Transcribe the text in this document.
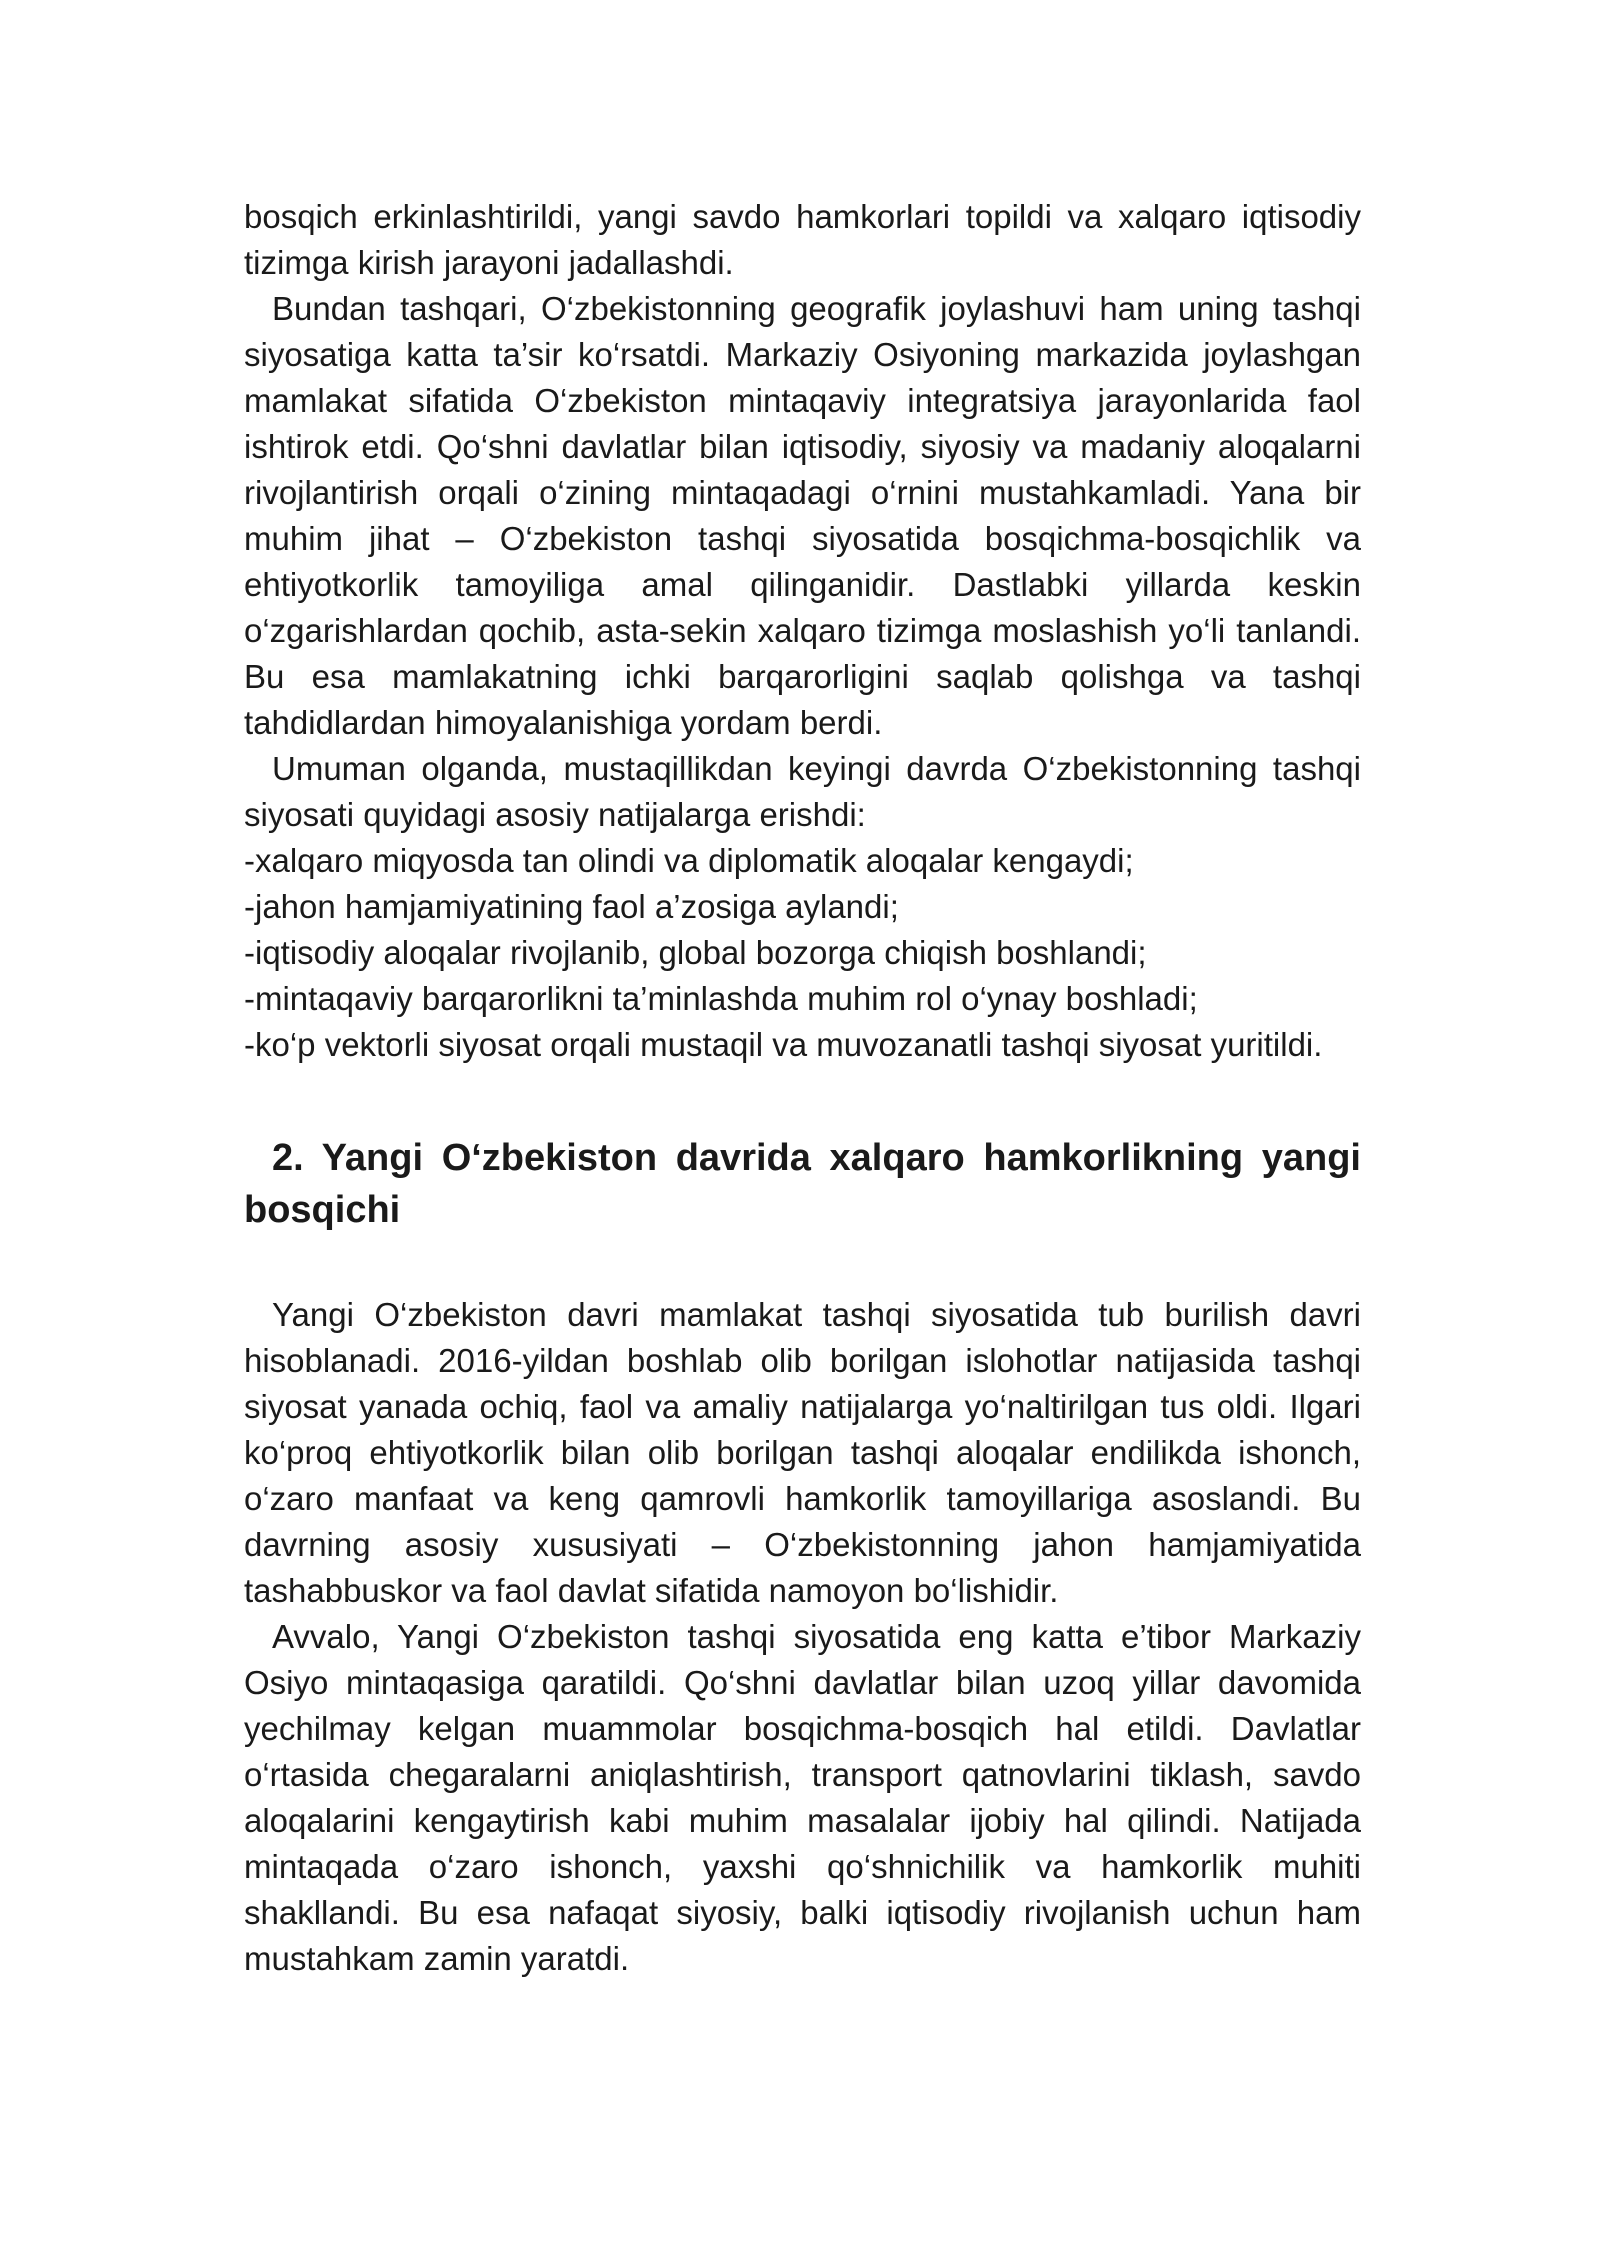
bosqich erkinlashtirildi, yangi savdo hamkorlari topildi va xalqaro iqtisodiy tizimga kirish jarayoni jadallashdi.

Bundan tashqari, O‘zbekistonning geografik joylashuvi ham uning tashqi siyosatiga katta ta’sir ko‘rsatdi. Markaziy Osiyoning markazida joylashgan mamlakat sifatida O‘zbekiston mintaqaviy integratsiya jarayonlarida faol ishtirok etdi. Qo‘shni davlatlar bilan iqtisodiy, siyosiy va madaniy aloqalarni rivojlantirish orqali o‘zining mintaqadagi o‘rnini mustahkamladi. Yana bir muhim jihat – O‘zbekiston tashqi siyosatida bosqichma-bosqichlik va ehtiyotkorlik tamoyiliga amal qilinganidir. Dastlabki yillarda keskin o‘zgarishlardan qochib, asta-sekin xalqaro tizimga moslashish yo‘li tanlandi. Bu esa mamlakatning ichki barqarorligini saqlab qolishga va tashqi tahdidlardan himoyalanishiga yordam berdi.

Umuman olganda, mustaqillikdan keyingi davrda O‘zbekistonning tashqi siyosati quyidagi asosiy natijalarga erishdi:

-xalqaro miqyosda tan olindi va diplomatik aloqalar kengaydi;
-jahon hamjamiyatining faol a’zosiga aylandi;
-iqtisodiy aloqalar rivojlanib, global bozorga chiqish boshlandi;
-mintaqaviy barqarorlikni ta’minlashda muhim rol o‘ynay boshladi;
-ko‘p vektorli siyosat orqali mustaqil va muvozanatli tashqi siyosat yuritildi.
2. Yangi O‘zbekiston davrida xalqaro hamkorlikning yangi bosqichi

Yangi O‘zbekiston davri mamlakat tashqi siyosatida tub burilish davri hisoblanadi. 2016-yildan boshlab olib borilgan islohotlar natijasida tashqi siyosat yanada ochiq, faol va amaliy natijalarga yo‘naltirilgan tus oldi. Ilgari ko‘proq ehtiyotkorlik bilan olib borilgan tashqi aloqalar endilikda ishonch, o‘zaro manfaat va keng qamrovli hamkorlik tamoyillariga asoslandi. Bu davrning asosiy xususiyati – O‘zbekistonning jahon hamjamiyatida tashabbuskor va faol davlat sifatida namoyon bo‘lishidir.

Avvalo, Yangi O‘zbekiston tashqi siyosatida eng katta e’tibor Markaziy Osiyo mintaqasiga qaratildi. Qo‘shni davlatlar bilan uzoq yillar davomida yechilmay kelgan muammolar bosqichma-bosqich hal etildi. Davlatlar o‘rtasida chegaralarni aniqlashtirish, transport qatnovlarini tiklash, savdo aloqalarini kengaytirish kabi muhim masalalar ijobiy hal qilindi. Natijada mintaqada o‘zaro ishonch, yaxshi qo‘shnichilik va hamkorlik muhiti shakllandi. Bu esa nafaqat siyosiy, balki iqtisodiy rivojlanish uchun ham mustahkam zamin yaratdi.
